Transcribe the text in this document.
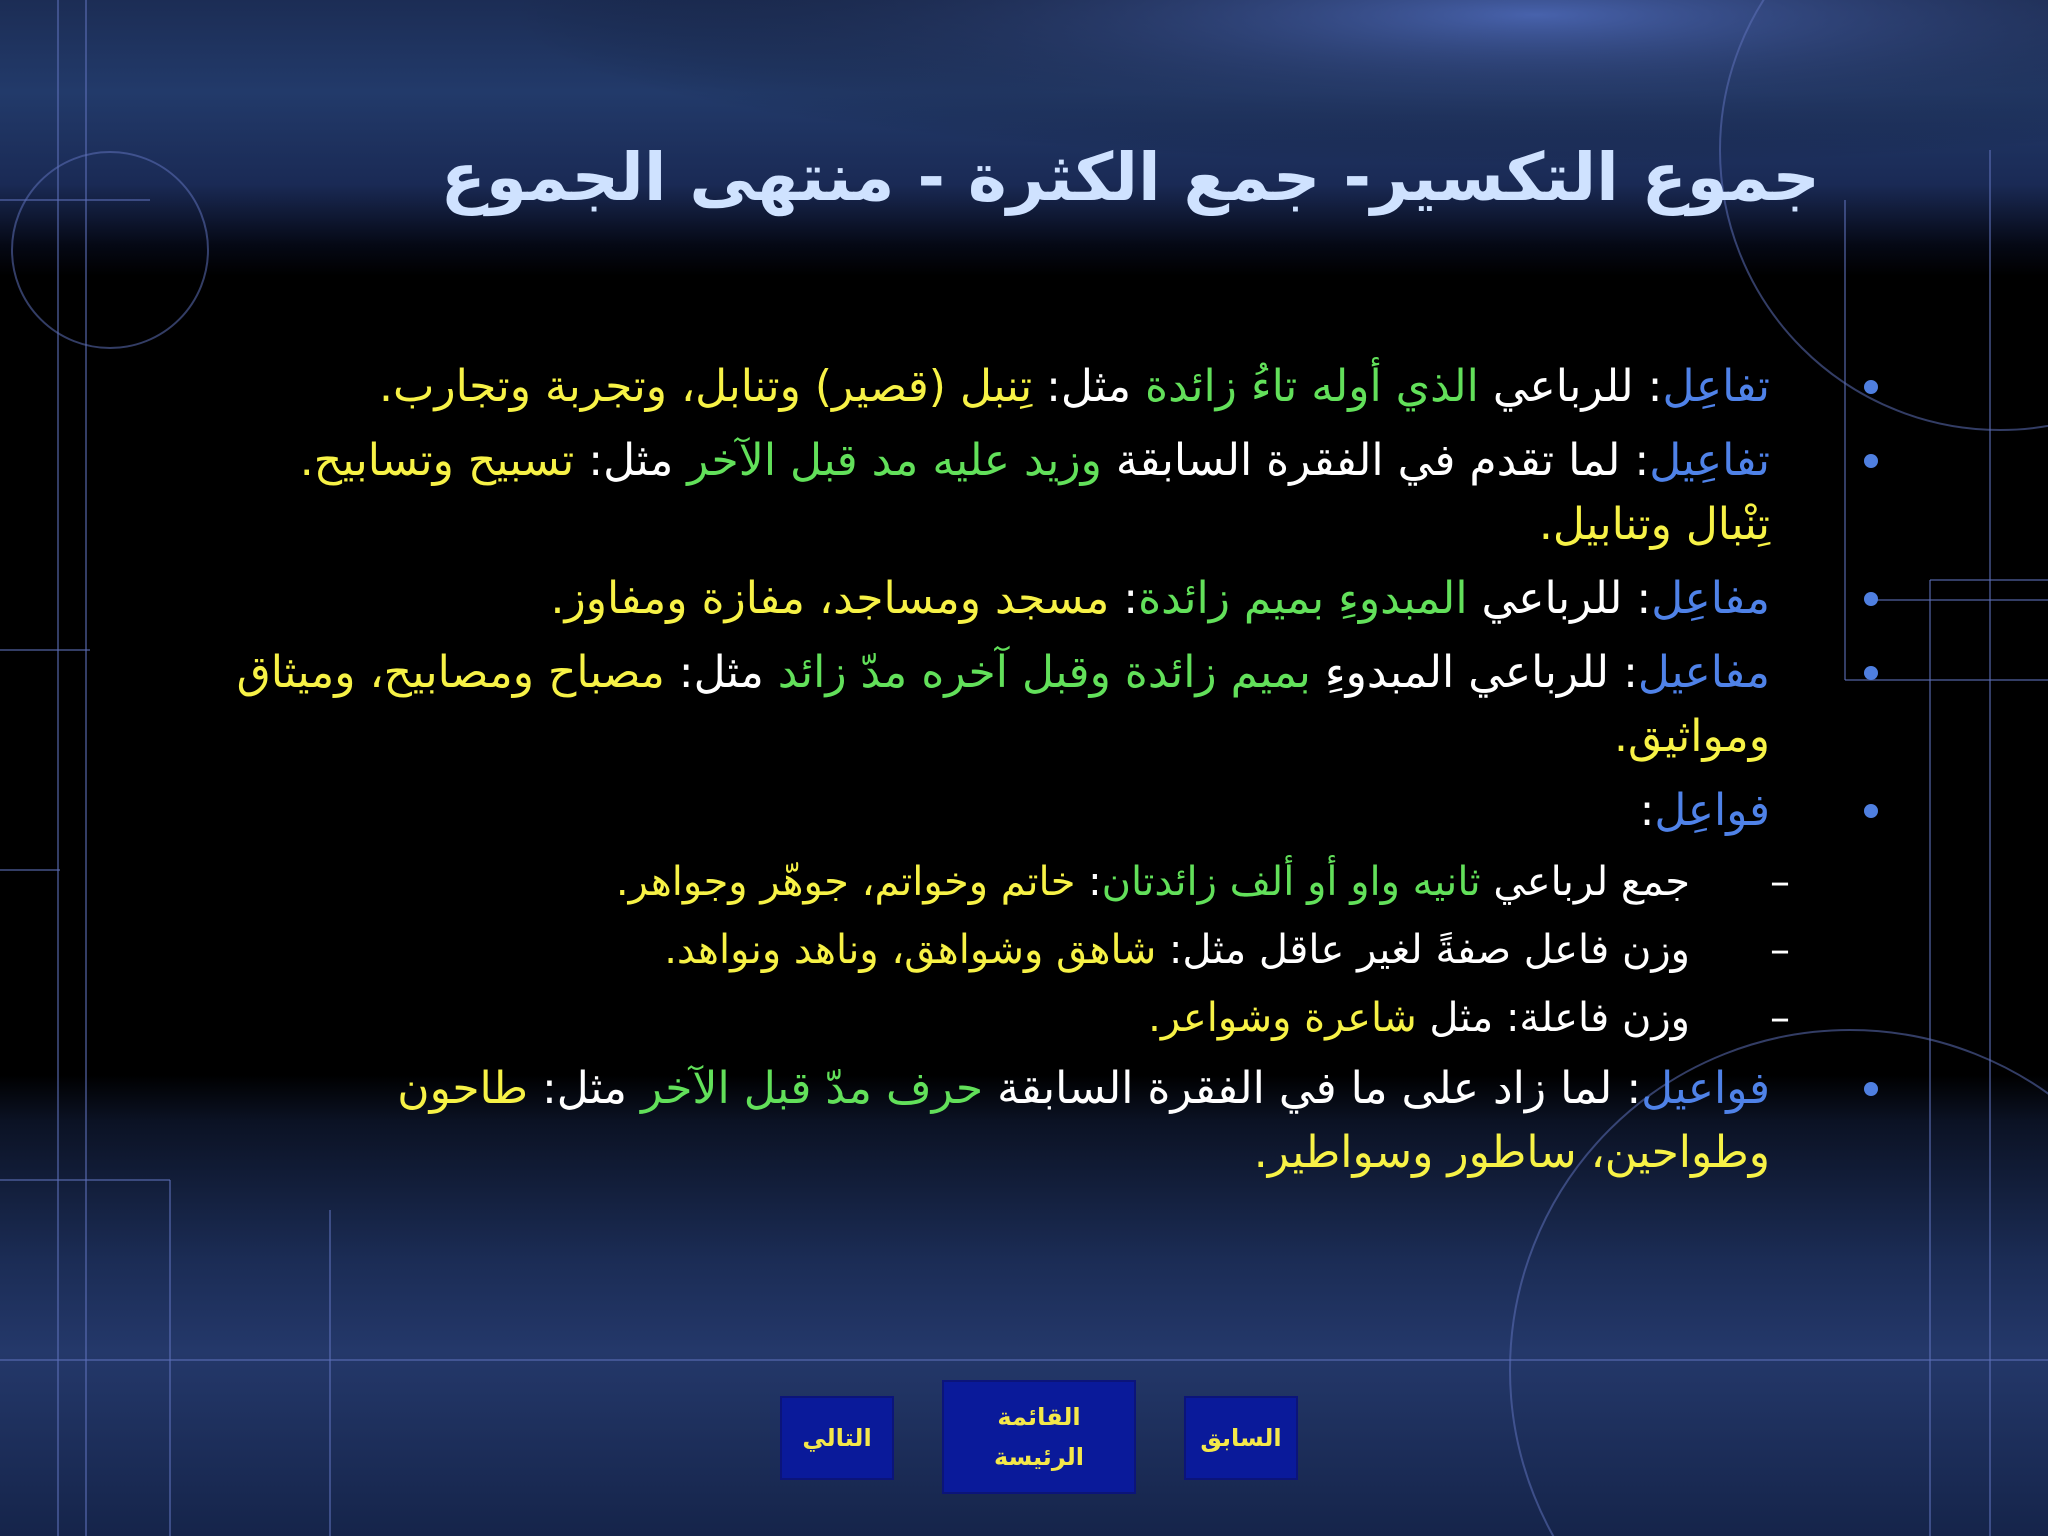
جموع التكسير- جمع الكثرة - منتهى الجموع
تفاعِل: للرباعي الذي أوله تاءُ زائدة مثل: تِنبل (قصير) وتنابل، وتجربة وتجارب.
تفاعِيل: لما تقدم في الفقرة السابقة وزيد عليه مد قبل الآخر مثل: تسبيح وتسابيح. تِنْبال وتنابيل.
مفاعِل: للرباعي المبدوءِ بميم زائدة: مسجد ومساجد، مفازة ومفاوز.
مفاعيل: للرباعي المبدوءِ بميم زائدة وقبل آخره مدّ زائد مثل: مصباح ومصابيح، وميثاق ومواثيق.
فواعِل:
–
جمع لرباعي ثانيه واو أو ألف زائدتان: خاتم وخواتم، جوهّر وجواهر.
–
وزن فاعل صفةً لغير عاقل مثل: شاهق وشواهق، وناهد ونواهد.
–
وزن فاعلة: مثل شاعرة وشواعر.
فواعيل: لما زاد على ما في الفقرة السابقة حرف مدّ قبل الآخر مثل: طاحون وطواحين، ساطور وسواطير.
التالي
القائمة
الرئيسة
السابق
